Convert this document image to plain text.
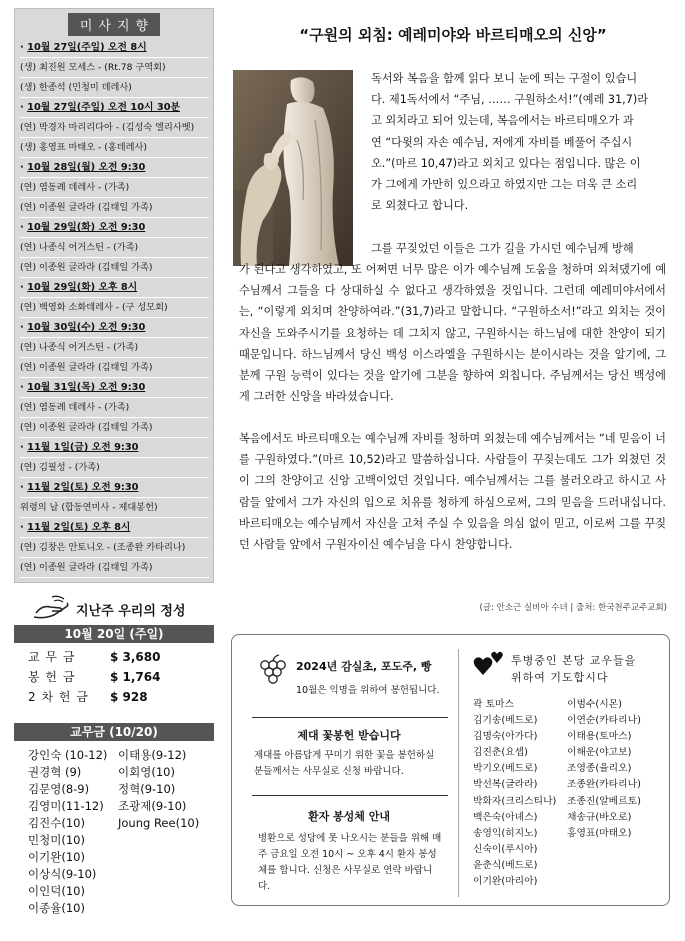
미사지향
· 10월 27일(주일) 오전 8시
(생) 최진원 모세스 - (Rt.78 구역회)
(생) 한종석 (민청미 데레사)
· 10월 27일(주일) 오전 10시 30분
(연) 박경자 마리리다아 - (김성숙 엘리사벳)
(생) 홍영표 마태오 - (홍데레사)
· 10월 28일(월) 오전 9:30
(연) 염동례 데레사 - (가족)
(연) 이종원 글라라 (김태일 가족)
· 10월 29일(화) 오전 9:30
(연) 나종식 어거스틴 - (가족)
(연) 이종원 글라라 (김태일 가족)
· 10월 29일(화) 오후 8시
(연) 백영화 소화데레사 - (구 성모회)
· 10월 30일(수) 오전 9:30
(연) 나종식 어거스틴 - (가족)
(연) 이종원 글라라 (김태일 가족)
· 10월 31일(목) 오전 9:30
(연) 염동례 데레사 - (가족)
(연) 이종원 글라라 (김태일 가족)
· 11월 1일(금) 오전 9:30
(연) 김필성 - (가족)
· 11월 2일(토) 오전 9:30
위령의 날 (합동연미사 - 제대봉헌)
· 11월 2일(토) 오후 8시
(연) 김창은 안토니오 - (조종완 카타리나)
(연) 이종원 글라라 (김태일 가족)
지난주 우리의 정성
10월 20일 (주일)
교 무 금	$ 3,680
봉 헌 금	$ 1,764
2 차 헌 금 $ 928
교무금 (10/20)
강인숙 (10-12)
권경혁 (9)
김문영(8-9)
김영미(11-12)
김진수(10)
민청미(10)
이기완(10)
이상식(9-10)
이인덕(10)
이종율(10)
이태용(9-12)
이회영(10)
정혁(9-10)
조광제(9-10)
Joung Ree(10)
“구원의 외침: 예레미야와 바르티매오의 신앙”
독서와 복음을 함께 읽다 보니 눈에 띄는 구절이 있습니
다. 제1독서에서 “주님, …… 구원하소서!”(예레 31,7)라
고 외치라고 되어 있는데, 복음에서는 바르티매오가 과
연 “다윗의 자손 예수님, 저에게 자비를 베풀어 주십시
오.”(마르 10,47)라고 외치고 있다는 점입니다. 많은 이
가 그에게 가만히 있으라고 하였지만 그는 더욱 큰 소리
로 외쳤다고 합니다.
그를 꾸짖었던 이들은 그가 길을 가시던 예수님께 방해
가 된다고 생각하였고, 또 어쩌면 너무 많은 이가 예수님께 도움을 청하며 외쳐댔기에 예수님께서 그들을 다 상대하실 수 없다고 생각하였을 것입니다. 그런데 예레미야서에서는, “이렇게 외치며 찬양하여라.”(31,7)라고 말합니다. “구원하소서!”라고 외치는 것이 자신을 도와주시기를 요청하는 데 그치지 않고, 구원하시는 하느님에 대한 찬양이 되기 때문입니다. 하느님께서 당신 백성 이스라엘을 구원하시는 분이시라는 것을 알기에, 그분께 구원 능력이 있다는 것을 알기에 그분을 향하여 외칩니다. 주님께서는 당신 백성에게 그러한 신앙을 바라셨습니다.
복음에서도 바르티매오는 예수님께 자비를 청하며 외쳤는데 예수님께서는 “네 믿음이 너를 구원하였다.”(마르 10,52)라고 말씀하십니다. 사람들이 꾸짖는데도 그가 외쳤던 것이 그의 찬양이고 신앙 고백이었던 것입니다. 예수님께서는 그를 불러오라고 하시고 사람들 앞에서 그가 자신의 입으로 치유를 청하게 하심으로써, 그의 믿음을 드러내십니다. 바르티매오는 예수님께서 자신을 고쳐 주실 수 있음을 의심 없이 믿고, 이로써 그를 꾸짖던 사람들 앞에서 구원자이신 예수님을 다시 찬양합니다.
(글: 안소근 실비아 수녀 | 출처: 한국천주교주교회)
2024년 감실초, 포도주, 빵
10월은 익명을 위하여 봉헌됩니다.
제대 꽃봉헌 받습니다
제대를 아름답게 꾸미기 위한 꽃을 봉헌하실 분들께서는 사무실로 신청 바랍니다.
환자 봉성체 안내
병환으로 성당에 못 나오시는 분들을 위해 매주 금요일 오전 10시 ~ 오후 4시 환자 봉성체를 합니다. 신청은 사무실로 연락 바랍니다.
투병중인 본당 교우들을
위하여 기도합시다
곽 토마스
김기송(베드로)
김명숙(아가다)
김진춘(요셉)
박기오(베드로)
박선복(글라라)
박화자(크리스티나)
백은숙(아녜스)
송영익(히지노)
신숙이(루시아)
윤춘식(베드로)
이기완(마리아)
이범수(시몬)
이연순(카타리나)
이태용(토마스)
이해운(야고보)
조영종(율리오)
조종완(카타리나)
조종진(알베르토)
채송규(바오로)
홍영표(마태오)
